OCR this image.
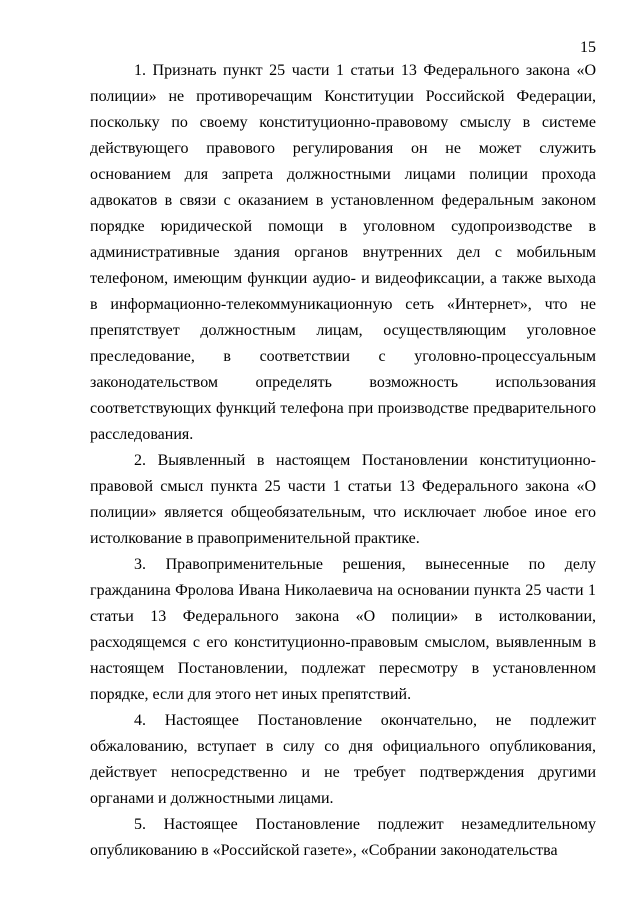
15

1. Признать пункт 25 части 1 статьи 13 Федерального закона «О полиции» не противоречащим Конституции Российской Федерации, поскольку по своему конституционно-правовому смыслу в системе действующего правового регулирования он не может служить основанием для запрета должностными лицами полиции прохода адвокатов в связи с оказанием в установленном федеральным законом порядке юридической помощи в уголовном судопроизводстве в административные здания органов внутренних дел с мобильным телефоном, имеющим функции аудио- и видеофиксации, а также выхода в информационно-телекоммуникационную сеть «Интернет», что не препятствует должностным лицам, осуществляющим уголовное преследование, в соответствии с уголовно-процессуальным законодательством определять возможность использования соответствующих функций телефона при производстве предварительного расследования.

2. Выявленный в настоящем Постановлении конституционно-правовой смысл пункта 25 части 1 статьи 13 Федерального закона «О полиции» является общеобязательным, что исключает любое иное его истолкование в правоприменительной практике.

3. Правоприменительные решения, вынесенные по делу гражданина Фролова Ивана Николаевича на основании пункта 25 части 1 статьи 13 Федерального закона «О полиции» в истолковании, расходящемся с его конституционно-правовым смыслом, выявленным в настоящем Постановлении, подлежат пересмотру в установленном порядке, если для этого нет иных препятствий.

4. Настоящее Постановление окончательно, не подлежит обжалованию, вступает в силу со дня официального опубликования, действует непосредственно и не требует подтверждения другими органами и должностными лицами.

5. Настоящее Постановление подлежит незамедлительному опубликованию в «Российской газете», «Собрании законодательства
